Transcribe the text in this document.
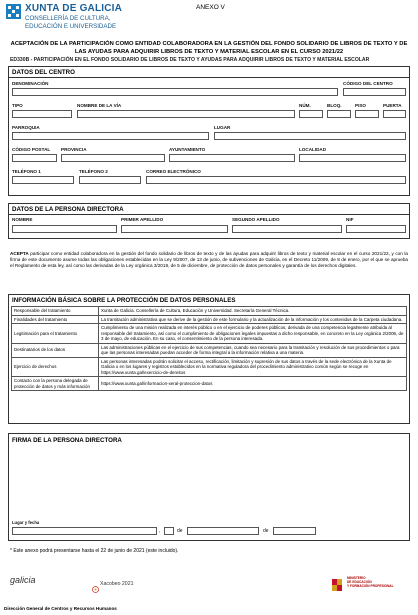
XUNTA DE GALICIA
CONSELLERÍA DE CULTURA,
EDUCACIÓN E UNIVERSIDADE
ANEXO V
ACEPTACIÓN DE LA PARTICIPACIÓN COMO ENTIDAD COLABORADORA EN LA GESTIÓN DEL FONDO SOLIDARIO DE LIBROS DE TEXTO Y DE LAS AYUDAS PARA ADQUIRIR LIBROS DE TEXTO Y MATERIAL ESCOLAR EN EL CURSO 2021/22
ED330B - PARTICIPACIÓN EN EL FONDO SOLIDARIO DE LIBROS DE TEXTO Y AYUDAS PARA ADQUIRIR LIBROS DE TEXTO Y MATERIAL ESCOLAR
DATOS DEL CENTRO
DENOMINACIÓN	CÓDIGO DEL CENTRO
TIPO	NOMBRE DE LA VÍA	NÚM.	BLOQ.	PISO	PUERTA
PARROQUIA	LUGAR
CÓDIGO POSTAL PROVINCIA	AYUNTAMIENTO	LOCALIDAD
TELÉFONO 1	TELÉFONO 2	CORREO ELECTRÓNICO
DATOS DE LA PERSONA DIRECTORA
NOMBRE	PRIMER APELLIDO	SEGUNDO APELLIDO	NIF
ACEPTA participar como entidad colaboradora en la gestión del fondo solidario de libros de texto y de las ayudas para adquirir libros de texto y material escolar en el curso 2021/22, y con la firma de este documento asume todas las obligaciones establecidas en la Ley 9/2007, de 13 de junio, de subvenciones de Galicia, en el Decreto 11/2009, de 8 de enero, por el que se aprueba el Reglamento de esta ley, así como las derivadas de la Ley orgánica 3/2018, de 5 de diciembre, de protección de datos personales y garantía de los derechos digitales.
INFORMACIÓN BÁSICA SOBRE LA PROTECCIÓN DE DATOS PERSONALES
Responsable del tratamiento	Xunta de Galicia. Consellería de Cultura, Educación y Universidad. Secretaría General Técnica.
Finalidades del tratamiento	La tramitación administrativa que se derive de la gestión de este formulario y la actualización de la información y los contenidos de la Carpeta ciudadana.
Legitimación para el tratamiento	Cumplimiento de una misión realizada en interés público o en el ejercicio de poderes públicos, derivada de una competencia legalmente atribuida al responsable del tratamiento, así como el cumplimiento de obligaciones legales impuestas a dicho responsable, en concreto en la Ley orgánica 2/2006, de 3 de mayo, de educación. En su caso, el consentimiento de la persona interesada.
Destinatarios de los datos	Las administraciones públicas en el ejercicio de sus competencias, cuando sea necesario para la tramitación y resolución de sus procedimientos o para que las personas interesadas puedan acceder de forma integral a la información relativa a una materia.
Ejercicio de derechos	Las personas interesadas podrán solicitar el acceso, rectificación, limitación y supresión de sus datos a través de la sede electrónica de la Xunta de Galicia o en los lugares y registros establecidos en la normativa reguladora del procedimiento administrativo común según se recoge en https://www.xunta.gal/exercicio-de-dereitos
Contacto con la persona delegada de protección de datos y más información	https://www.xunta.gal/informacion-xeral-proteccion-datos
FIRMA DE LA PERSONA DIRECTORA
Lugar y fecha
,	de	de
* Este anexo podrá presentarse hasta el 22 de junio de 2021 (este incluido).
galicia	Xacobeo 2021
MINISTERIO
DE EDUCACIÓN
Y FORMACIÓN PROFESIONAL
Dirección General de Centros y Recursos Humanos
